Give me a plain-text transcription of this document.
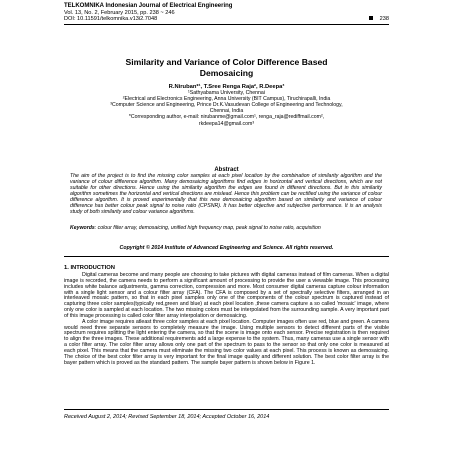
TELKOMNIKA Indonesian Journal of Electrical Engineering
Vol. 13, No. 2, February 2015, pp. 238 ~ 246
DOI: 10.11591/telkomnika.v13i2.7048	238
Similarity and Variance of Color Difference Based
Demosaicing
R.Niruban*¹, T.Sree Renga Raja², R.Deepa³
¹Sathyabama University, Chennai
²Electrical and Electronics Engineering, Anna University (BIT Campus), Tiruchirapalli, India
³Computer Science and Engineering, Prince Dr.K.Vasudevan College of Engineering and Technology,
Chennai, India
*Corresponding author, e-mail: nirubanme@gmail.com¹, renga_raja@rediffmail.com²,
rkdeepa14@gmail.com³
Abstract
The aim of the project is to find the missing color samples at each pixel location by the combination of similarity algorithm and the variance of colour difference algorithm. Many demosaicing algorithms find edges in horizontal and vertical directions, which are not suitable for other directions. Hence using the similarity algorithm the edges are found in different directions. But in this similarity algorithm sometimes the horizontal and vertical directions are mislead. Hence this problem can be rectified using the variance of colour difference algorithm. It is proved experimentally that this new demosaicing algorithm based on similarity and variance of colour difference has better colour peak signal to noise ratio (CPSNR). It has better objective and subjective performance. It is an analysis study of both similarity and colour variance algorithms.
Keywords: colour filter array, demosaicing, unified high frequency map, peak signal to noise ratio, acquisition
Copyright © 2014 Institute of Advanced Engineering and Science. All rights reserved.
1. INTRODUCTION

Digital cameras become and many people are choosing to take pictures with digital cameras instead of film cameras. When a digital image is recorded, the camera needs to perform a significant amount of processing to provide the user a viewable image. This processing includes white balance adjustments, gamma correction, compression and more. Most consumer digital cameras capture colour information with a single light sensor and a colour filter array (CFA). The CFA is composed by a set of spectrally selective filters, arranged in an interleaved mosaic pattern, so that in each pixel samples only one of the components of the colour spectrum is captured instead of capturing three color samples(typically red,green and blue) at each pixel location ,these camera capture a so called 'mosaic' image, where only one color is sampled at each location. The two missing colors must be interpolated from the surrounding sample. A very important part of this image processing is called color filter array interpolation or demosaicing.

A color image requires atleast three color samples at each pixel location. Computer images often use red, blue and green. A camera would need three separate sensors to completely measure the image. Using multiple sensors to detect different parts of the visible spectrum requires splitting the light entering the camera, so that the scene is image onto each sensor. Precise registration is then required to align the three images. These additional requirements add a large expense to the system. Thus, many cameras use a single sensor with a color filter array. The color filter array allows only one part of the spectrum to pass to the sensor so that only one color is measured at each pixel. This means that the camera must eliminate the missing two color values at each pixel. This process is known as demosaicing. The choice of the best color filter array is very important for the final image quality and different solution. The best color filter array is the bayer pattern which is proved as the standard pattern. The sample bayer pattern is shown below in Figure 1.

Received August 2, 2014; Revised September 18, 2014; Accepted October 16, 2014
